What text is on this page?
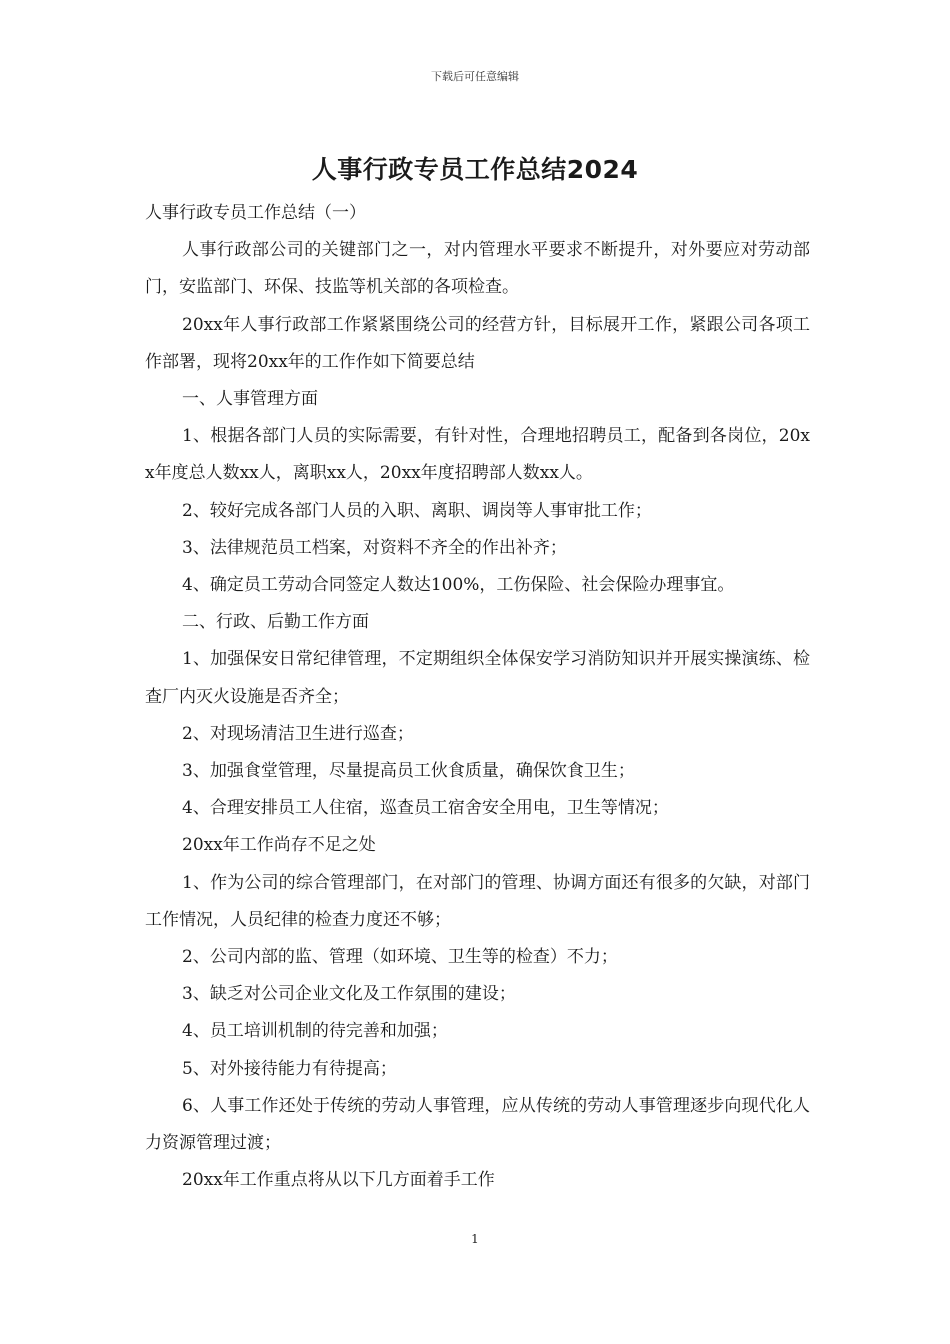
下载后可任意编辑
人事行政专员工作总结2024

人事行政专员工作总结（一）

人事行政部公司的关键部门之一，对内管理水平要求不断提升，对外要应对劳动部门，安监部门、环保、技监等机关部的各项检查。

20xx年人事行政部工作紧紧围绕公司的经营方针，目标展开工作，紧跟公司各项工作部署，现将20xx年的工作作如下简要总结

一、人事管理方面

1、根据各部门人员的实际需要，有针对性，合理地招聘员工，配备到各岗位，20xx年度总人数xx人，离职xx人，20xx年度招聘部人数xx人。

2、较好完成各部门人员的入职、离职、调岗等人事审批工作；

3、法律规范员工档案，对资料不齐全的作出补齐；

4、确定员工劳动合同签定人数达100%，工伤保险、社会保险办理事宜。

二、行政、后勤工作方面

1、加强保安日常纪律管理，不定期组织全体保安学习消防知识并开展实操演练、检查厂内灭火设施是否齐全；

2、对现场清洁卫生进行巡查；

3、加强食堂管理，尽量提高员工伙食质量，确保饮食卫生；

4、合理安排员工人住宿，巡查员工宿舍安全用电，卫生等情况；

20xx年工作尚存不足之处

1、作为公司的综合管理部门，在对部门的管理、协调方面还有很多的欠缺，对部门工作情况，人员纪律的检查力度还不够；

2、公司内部的监、管理（如环境、卫生等的检查）不力；

3、缺乏对公司企业文化及工作氛围的建设；

4、员工培训机制的待完善和加强；

5、对外接待能力有待提高；

6、人事工作还处于传统的劳动人事管理，应从传统的劳动人事管理逐步向现代化人力资源管理过渡；

20xx年工作重点将从以下几方面着手工作

1
